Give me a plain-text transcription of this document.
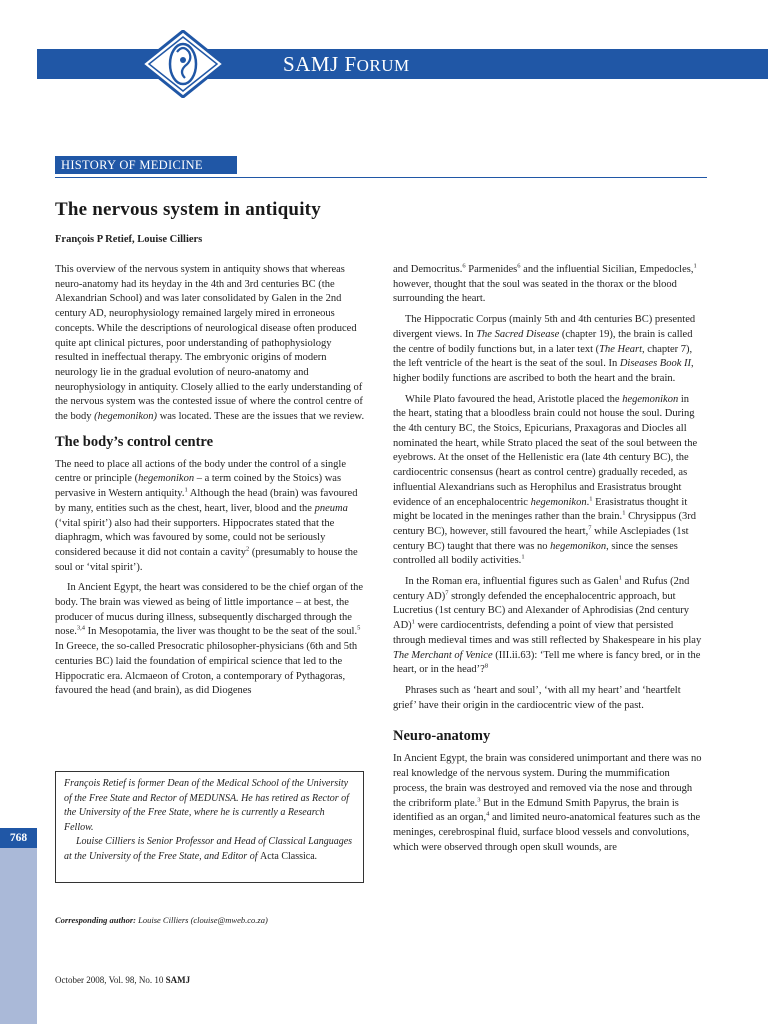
SAMJ FORUM
HISTORY OF MEDICINE
The nervous system in antiquity
François P Retief, Louise Cilliers

This overview of the nervous system in antiquity shows that whereas neuro-anatomy had its heyday in the 4th and 3rd centuries BC (the Alexandrian School) and was later consolidated by Galen in the 2nd century AD, neurophysiology remained largely mired in erroneous concepts. While the descriptions of neurological disease often produced quite apt clinical pictures, poor understanding of pathophysiology resulted in ineffectual therapy. The embryonic origins of modern neurology lie in the gradual evolution of neuro-anatomy and neurophysiology in antiquity. Closely allied to the early understanding of the nervous system was the contested issue of where the control centre of the body (hegemonikon) was located. These are the issues that we review.

The body’s control centre

The need to place all actions of the body under the control of a single centre or principle (hegemonikon – a term coined by the Stoics) was pervasive in Western antiquity.$^1$ Although the head (brain) was favoured by many, entities such as the chest, heart, liver, blood and the pneuma (‘vital spirit’) also had their supporters. Hippocrates stated that the diaphragm, which was favoured by some, could not be seriously considered because it did not contain a cavity$^2$ (presumably to house the soul or ‘vital spirit’).

In Ancient Egypt, the heart was considered to be the chief organ of the body. The brain was viewed as being of little importance – at best, the producer of mucus during illness, subsequently discharged through the nose.$^{3,4}$ In Mesopotamia, the liver was thought to be the seat of the soul.$^5$ In Greece, the so-called Presocratic philosopher-physicians (6th and 5th centuries BC) laid the foundation of empirical science that led to the Hippocratic era. Alcmaeon of Croton, a contemporary of Pythagoras, favoured the head (and brain), as did Diogenes

and Democritus.$^6$ Parmenides$^6$ and the influential Sicilian, Empedocles,$^1$ however, thought that the soul was seated in the thorax or the blood surrounding the heart.

The Hippocratic Corpus (mainly 5th and 4th centuries BC) presented divergent views. In The Sacred Disease (chapter 19), the brain is called the centre of bodily functions but, in a later text (The Heart, chapter 7), the left ventricle of the heart is the seat of the soul. In Diseases Book II, higher bodily functions are ascribed to both the heart and the brain.

While Plato favoured the head, Aristotle placed the hegemonikon in the heart, stating that a bloodless brain could not house the soul. During the 4th century BC, the Stoics, Epicurians, Praxagoras and Diocles all nominated the heart, while Strato placed the seat of the soul between the eyebrows. At the onset of the Hellenistic era (late 4th century BC), the cardiocentric consensus (heart as control centre) gradually receded, as influential Alexandrians such as Herophilus and Erasistratus brought evidence of an encephalocentric hegemonikon.$^1$ Erasistratus thought it might be located in the meninges rather than the brain.$^1$ Chrysippus (3rd century BC), however, still favoured the heart,$^7$ while Asclepiades (1st century BC) taught that there was no hegemonikon, since the senses controlled all bodily activities.$^1$

In the Roman era, influential figures such as Galen$^1$ and Rufus (2nd century AD)$^7$ strongly defended the encephalocentric approach, but Lucretius (1st century BC) and Alexander of Aphrodisias (2nd century AD)$^1$ were cardiocentrists, defending a point of view that persisted through medieval times and was still reflected by Shakespeare in his play The Merchant of Venice (III.ii.63): ‘Tell me where is fancy bred, or in the heart, or in the head’?$^8$

Phrases such as ‘heart and soul’, ‘with all my heart’ and ‘heartfelt grief’ have their origin in the cardiocentric view of the past.

Neuro-anatomy

In Ancient Egypt, the brain was considered unimportant and there was no real knowledge of the nervous system. During the mummification process, the brain was destroyed and removed via the nose and through the cribriform plate.$^3$ But in the Edmund Smith Papyrus, the brain is identified as an organ,$^4$ and limited neuro-anatomical features such as the meninges, cerebrospinal fluid, surface blood vessels and convolutions, which were observed through open skull wounds, are

François Retief is former Dean of the Medical School of the University of the Free State and Rector of MEDUNSA. He has retired as Rector of the University of the Free State, where he is currently a Research Fellow.

Louise Cilliers is Senior Professor and Head of Classical Languages at the University of the Free State, and Editor of Acta Classica.

768
Corresponding author: Louise Cilliers (clouise@mweb.co.za)
October 2008, Vol. 98, No. 10 SAMJ
